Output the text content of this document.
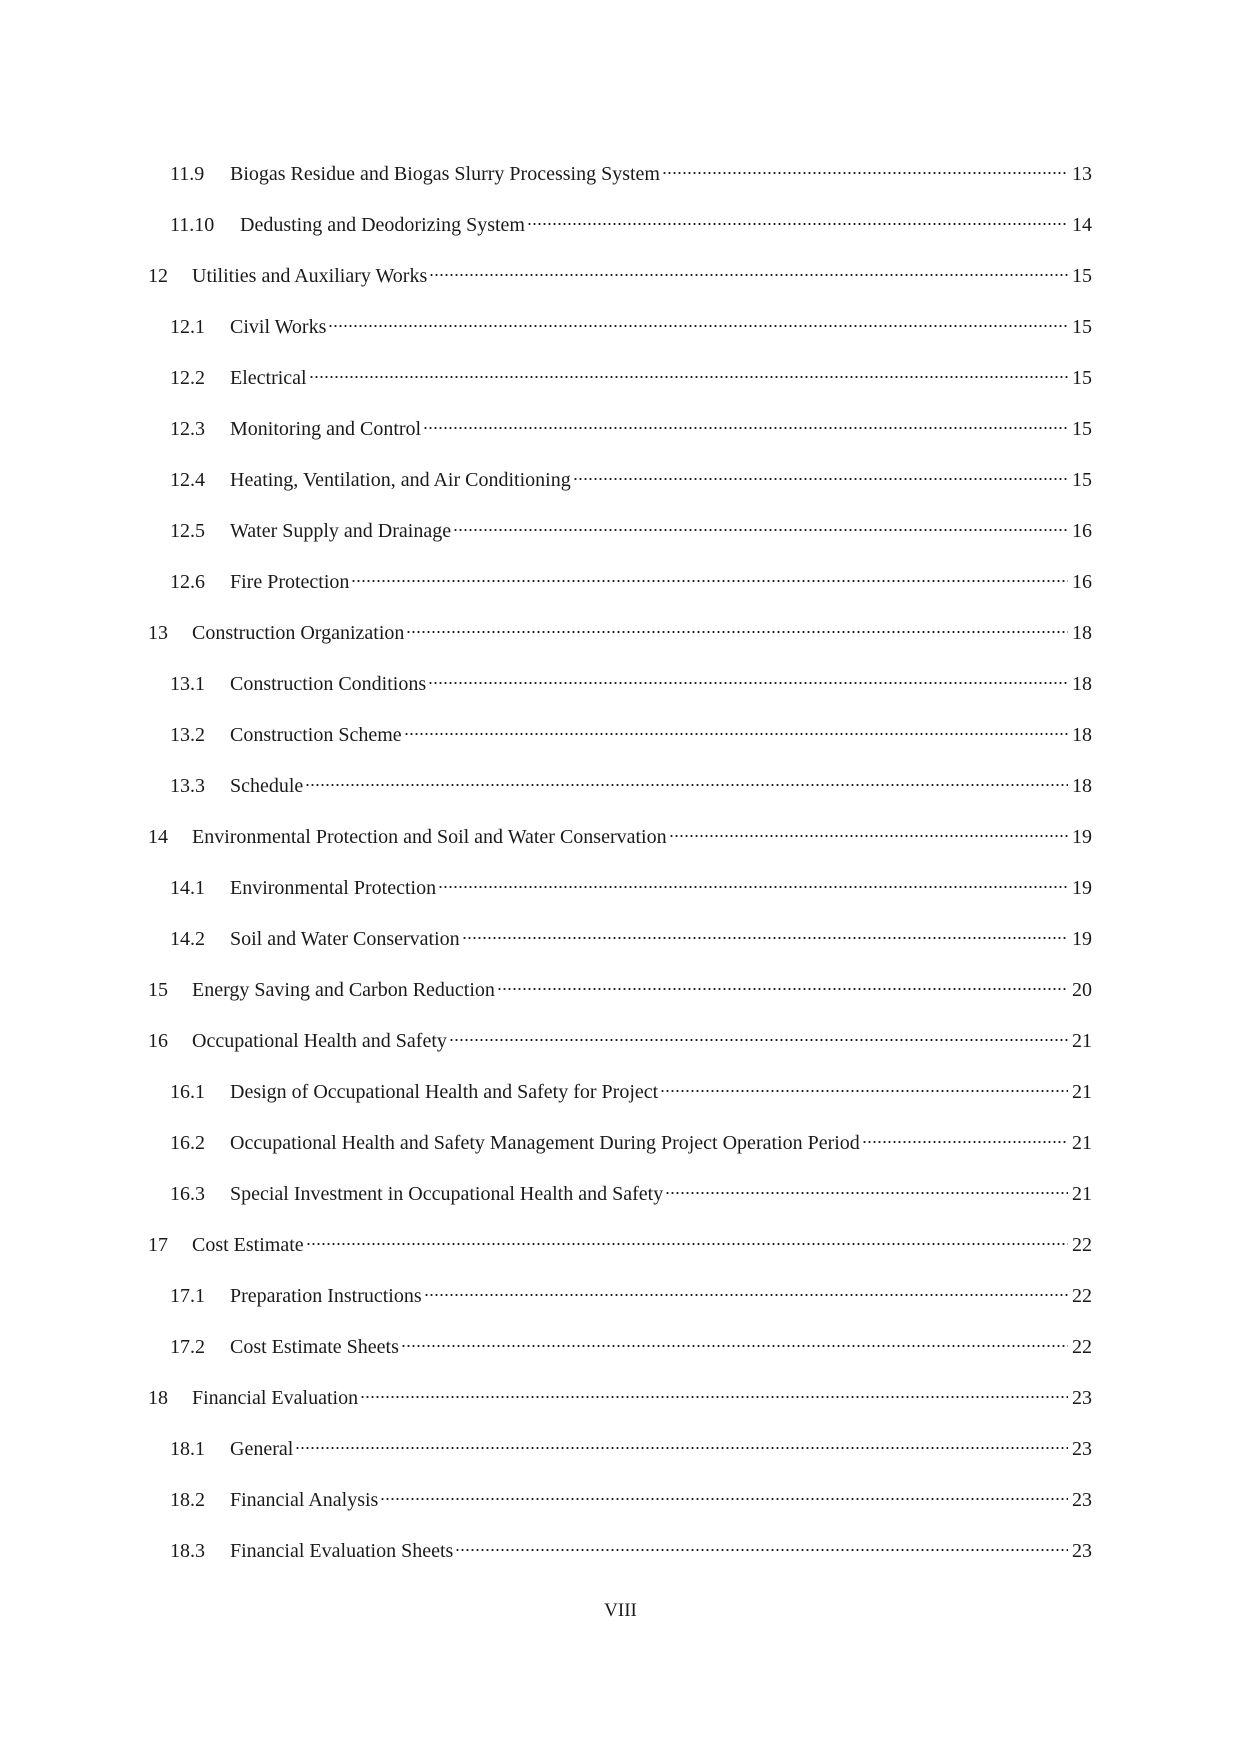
11.9	Biogas Residue and Biogas Slurry Processing System	13
11.10	Dedusting and Deodorizing System	14
12	Utilities and Auxiliary Works	15
12.1	Civil Works	15
12.2	Electrical	15
12.3	Monitoring and Control	15
12.4	Heating, Ventilation, and Air Conditioning	15
12.5	Water Supply and Drainage	16
12.6	Fire Protection	16
13	Construction Organization	18
13.1	Construction Conditions	18
13.2	Construction Scheme	18
13.3	Schedule	18
14	Environmental Protection and Soil and Water Conservation	19
14.1	Environmental Protection	19
14.2	Soil and Water Conservation	19
15	Energy Saving and Carbon Reduction	20
16	Occupational Health and Safety	21
16.1	Design of Occupational Health and Safety for Project	21
16.2	Occupational Health and Safety Management During Project Operation Period	21
16.3	Special Investment in Occupational Health and Safety	21
17	Cost Estimate	22
17.1	Preparation Instructions	22
17.2	Cost Estimate Sheets	22
18	Financial Evaluation	23
18.1	General	23
18.2	Financial Analysis	23
18.3	Financial Evaluation Sheets	23
VIII
